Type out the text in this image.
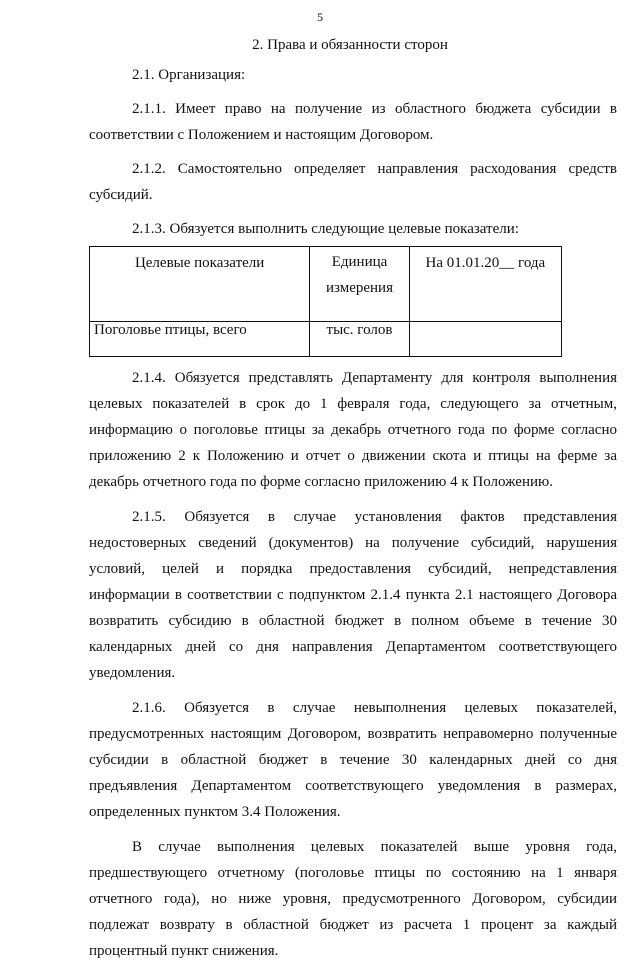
5
2. Права и обязанности сторон

2.1. Организация:

2.1.1. Имеет право на получение из областного бюджета субсидии в соответствии с Положением и настоящим Договором.

2.1.2. Самостоятельно определяет направления расходования средств субсидий.

2.1.3. Обязуется выполнить следующие целевые показатели:

Целевые показатели	Единица измерения	На 01.01.20__ года
Поголовье птицы, всего	тыс. голов	

2.1.4. Обязуется представлять Департаменту для контроля выполнения целевых показателей в срок до 1 февраля года, следующего за отчетным, информацию о поголовье птицы за декабрь отчетного года по форме согласно приложению 2 к Положению и отчет о движении скота и птицы на ферме за декабрь отчетного года по форме согласно приложению 4 к Положению.

2.1.5. Обязуется в случае установления фактов представления недостоверных сведений (документов) на получение субсидий, нарушения условий, целей и порядка предоставления субсидий, непредставления информации в соответствии с подпунктом 2.1.4 пункта 2.1 настоящего Договора возвратить субсидию в областной бюджет в полном объеме в течение 30 календарных дней со дня направления Департаментом соответствующего уведомления.

2.1.6. Обязуется в случае невыполнения целевых показателей, предусмотренных настоящим Договором, возвратить неправомерно полученные субсидии в областной бюджет в течение 30 календарных дней со дня предъявления Департаментом соответствующего уведомления в размерах, определенных пунктом 3.4 Положения.

В случае выполнения целевых показателей выше уровня года, предшествующего отчетному (поголовье птицы по состоянию на 1 января отчетного года), но ниже уровня, предусмотренного Договором, субсидии подлежат возврату в областной бюджет из расчета 1 процент за каждый процентный пункт снижения.
